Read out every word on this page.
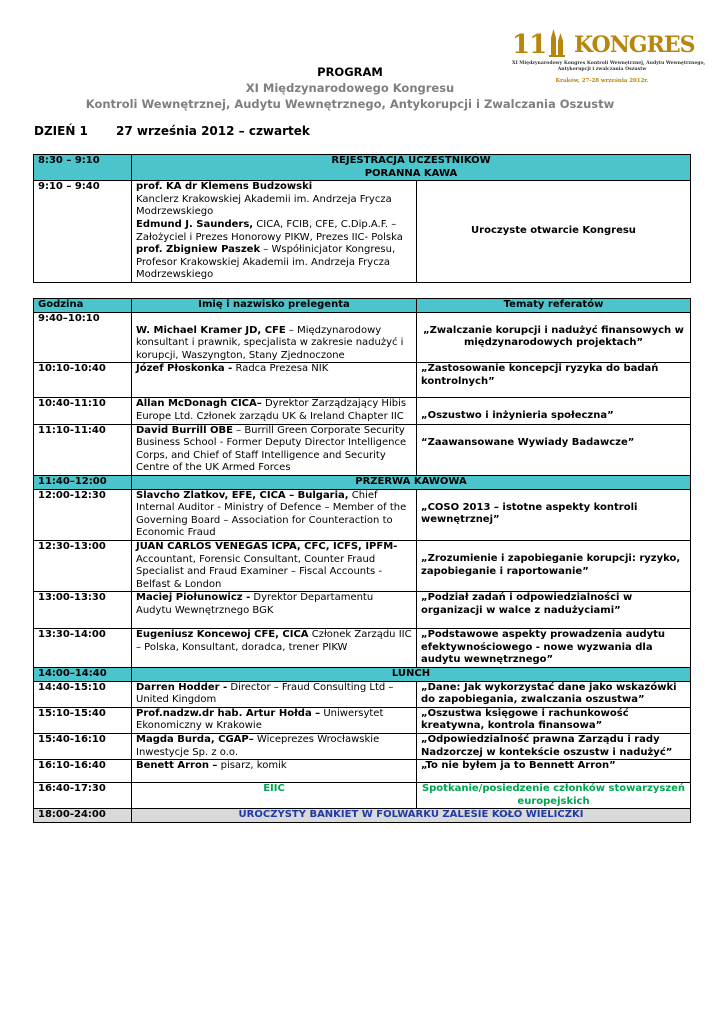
11 KONGRES
XI Międzynarodowy Kongres Kontroli Wewnętrznej, Audytu Wewnętrznego,
Antykorupcji i zwalczania Oszustw
Kraków, 27-28 września 2012r.
PROGRAM
XI Międzynarodowego Kongresu
Kontroli Wewnętrznej, Audytu Wewnętrznego, Antykorupcji i Zwalczania Oszustw
DZIEŃ 1 27 września 2012 – czwartek
8:30 – 9:10	REJESTRACJA UCZESTNIKÓW
PORANNA KAWA	

9:10 – 9:40	prof. KA dr Klemens Budzowski
Kanclerz Krakowskiej Akademii im. Andrzeja Frycza Modrzewskiego
Edmund J. Saunders, CICA, FCIB, CFE, C.Dip.A.F. – Założyciel i Prezes Honorowy PIKW, Prezes IIC- Polska
prof. Zbigniew Paszek – Współinicjator Kongresu, Profesor Krakowskiej Akademii im. Andrzeja Frycza Modrzewskiego	Uroczyste otwarcie Kongresu
Godzina	Imię i nazwisko prelegenta	Tematy referatów
9:40–10:10	W. Michael Kramer JD, CFE – Międzynarodowy konsultant i prawnik, specjalista w zakresie nadużyć i korupcji, Waszyngton, Stany Zjednoczone	„Zwalczanie korupcji i nadużyć finansowych w międzynarodowych projektach”
10:10-10:40	Józef Płoskonka - Radca Prezesa NIK	„Zastosowanie koncepcji ryzyka do badań kontrolnych”
10:40-11:10	Allan McDonagh CICA– Dyrektor Zarządzający Hibis Europe Ltd. Członek zarządu UK & Ireland Chapter IIC	„Oszustwo i inżynieria społeczna”
11:10-11:40	David Burrill OBE – Burrill Green Corporate Security Business School - Former Deputy Director Intelligence Corps, and Chief of Staff Intelligence and Security Centre of the UK Armed Forces	“Zaawansowane Wywiady Badawcze”
11:40–12:00	PRZERWA KAWOWA	
12:00-12:30	Slavcho Zlatkov, EFE, CICA – Bulgaria, Chief Internal Auditor - Ministry of Defence – Member of the Governing Board – Association for Counteraction to Economic Fraud	„COSO 2013 – istotne aspekty kontroli wewnętrznej”
12:30-13:00	JUAN CARLOS VENEGAS ICPA, CFC, ICFS, IPFM- Accountant, Forensic Consultant, Counter Fraud Specialist and Fraud Examiner – Fiscal Accounts - Belfast & London	„Zrozumienie i zapobieganie korupcji: ryzyko, zapobieganie i raportowanie”
13:00-13:30	Maciej Piołunowicz - Dyrektor Departamentu Audytu Wewnętrznego BGK	„Podział zadań i odpowiedzialności w organizacji w walce z nadużyciami”
13:30-14:00	Eugeniusz Koncewoj CFE, CICA Członek Zarządu IIC – Polska, Konsultant, doradca, trener PIKW	„Podstawowe aspekty prowadzenia audytu efektywnościowego - nowe wyzwania dla audytu wewnętrznego”
14:00–14:40	LUNCH	
14:40-15:10	Darren Hodder - Director – Fraud Consulting Ltd – United Kingdom	„Dane: Jak wykorzystać dane jako wskazówki do zapobiegania, zwalczania oszustwa”
15:10-15:40	Prof.nadzw.dr hab. Artur Hołda – Uniwersytet Ekonomiczny w Krakowie	„Oszustwa księgowe i rachunkowość kreatywna, kontrola finansowa”
15:40-16:10	Magda Burda, CGAP– Wiceprezes Wrocławskie Inwestycje Sp. z o.o.	„Odpowiedzialność prawna Zarządu i rady Nadzorczej w kontekście oszustw i nadużyć”
16:10-16:40	Benett Arron – pisarz, komik	„To nie byłem ja to Bennett Arron”
16:40-17:30	EIIC	Spotkanie/posiedzenie członków stowarzyszeń europejskich
18:00-24:00	UROCZYSTY BANKIET W FOLWARKU ZALESIE KOŁO WIELICZKI	
